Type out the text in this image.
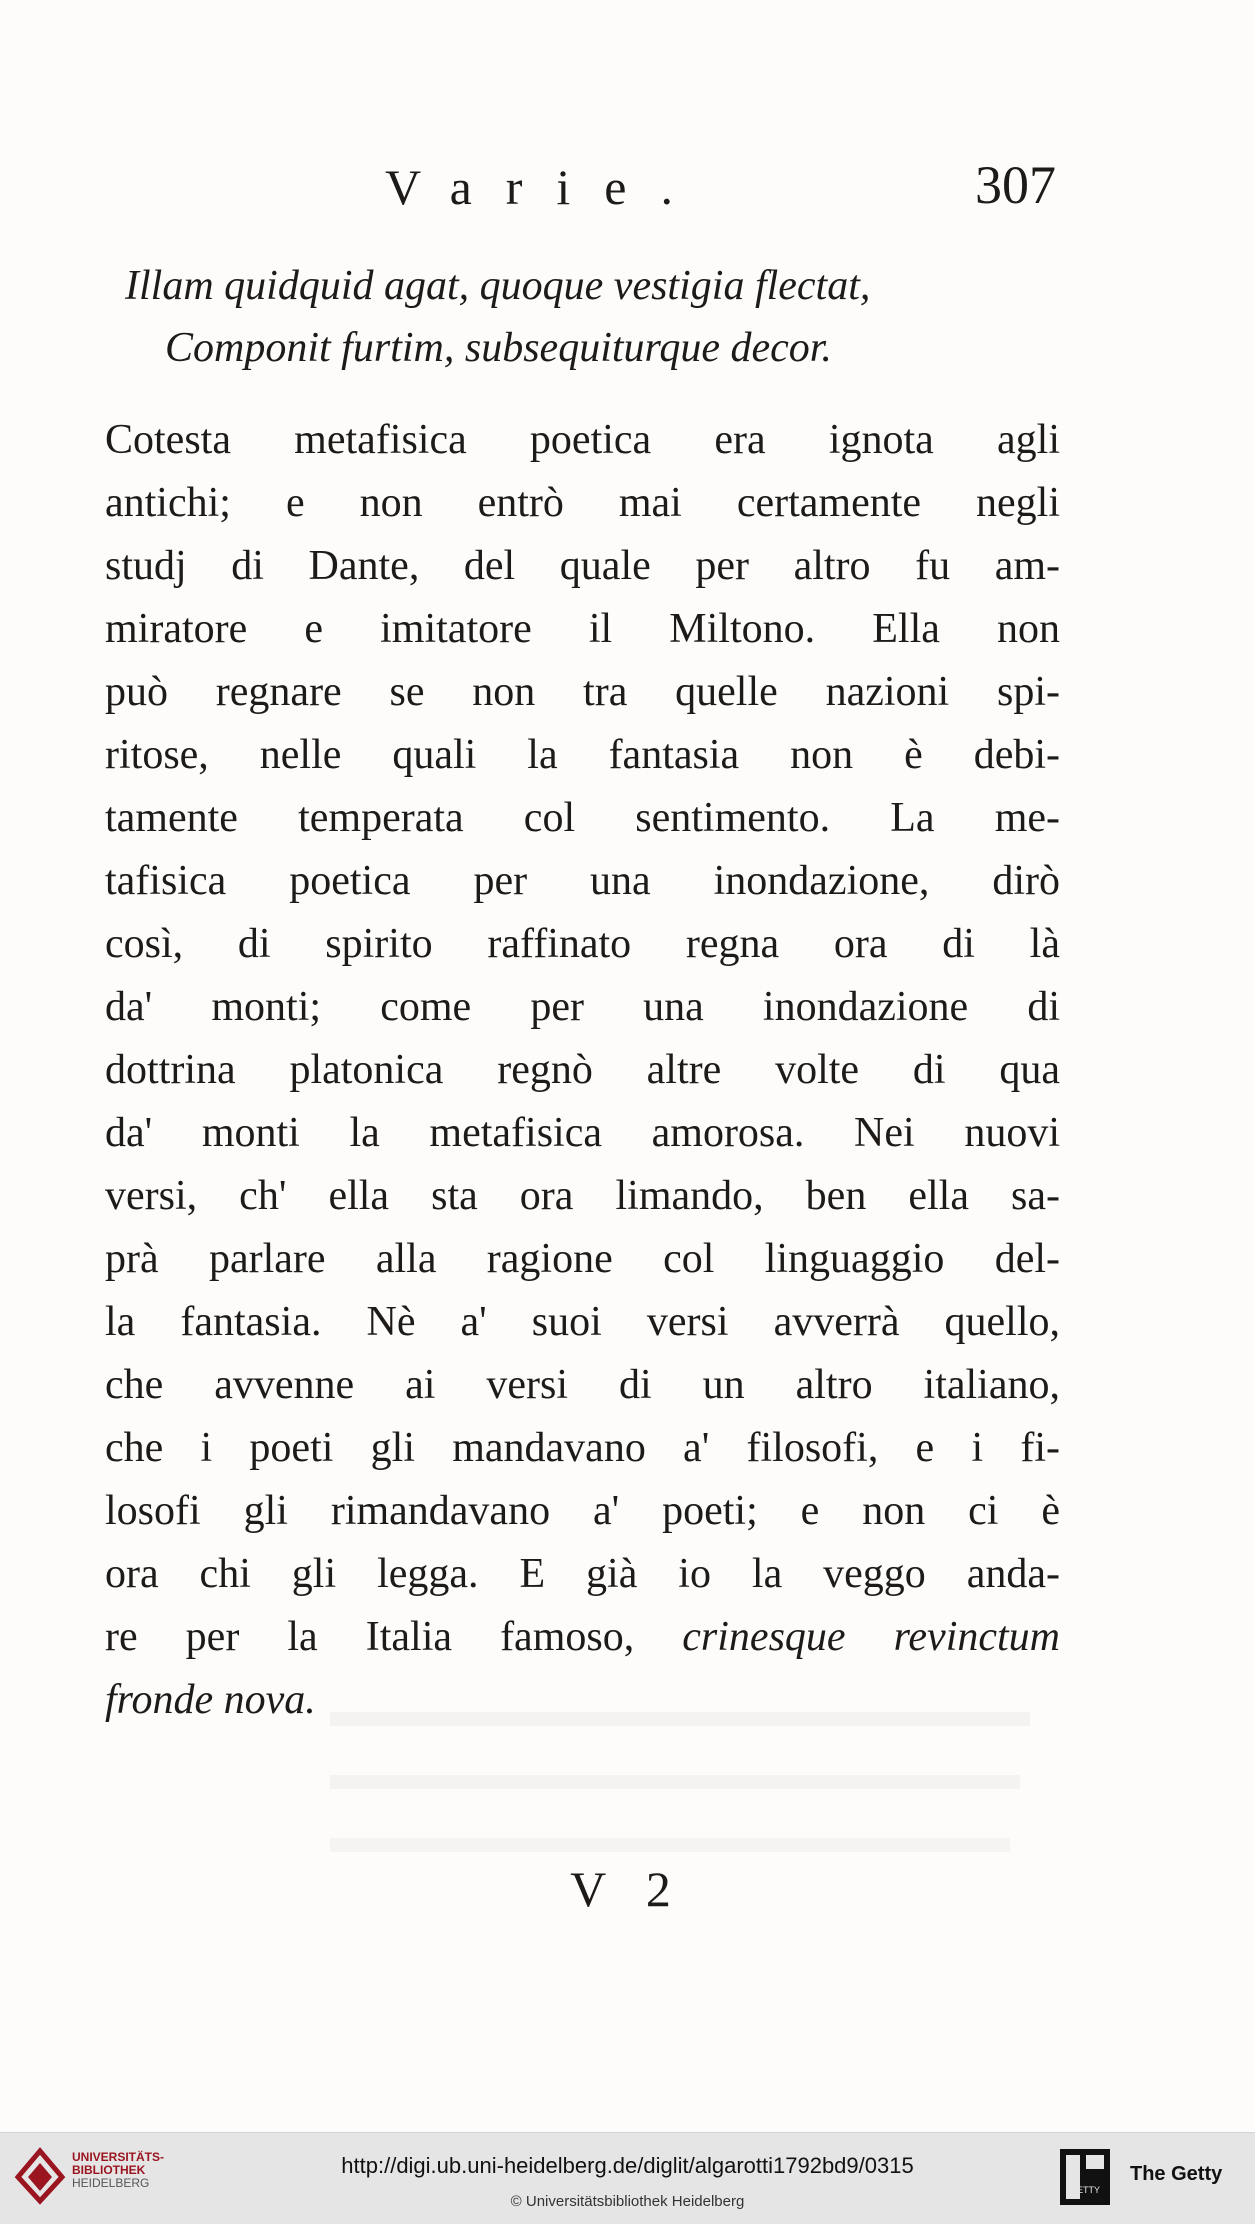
Varie.	307
Illam quidquid agat, quoque vestigia flectat,
Componit furtim, subsequiturque decor.
Cotesta metafisica poetica era ignota agli
antichi; e non entrò mai certamente negli
studj di Dante, del quale per altro fu am-
miratore e imitatore il Miltono. Ella non
può regnare se non tra quelle nazioni spi-
ritose, nelle quali la fantasia non è debi-
tamente temperata col sentimento. La me-
tafisica poetica per una inondazione, dirò
così, di spirito raffinato regna ora di là
da' monti; come per una inondazione di
dottrina platonica regnò altre volte di qua
da' monti la metafisica amorosa. Nei nuovi
versi, ch' ella sta ora limando, ben ella sa-
prà parlare alla ragione col linguaggio del-
la fantasia. Nè a' suoi versi avverrà quello,
che avvenne ai versi di un altro italiano,
che i poeti gli mandavano a' filosofi, e i fi-
losofi gli rimandavano a' poeti; e non ci è
ora chi gli legga. E già io la veggo anda-
re per la Italia famoso, crinesque revinctum
fronde nova.
V 2
UNIVERSITÄTS-
BIBLIOTHEK
HEIDELBERG
http://digi.ub.uni-heidelberg.de/diglit/algarotti1792bd9/0315
© Universitätsbibliothek Heidelberg
GETTY
The Getty
